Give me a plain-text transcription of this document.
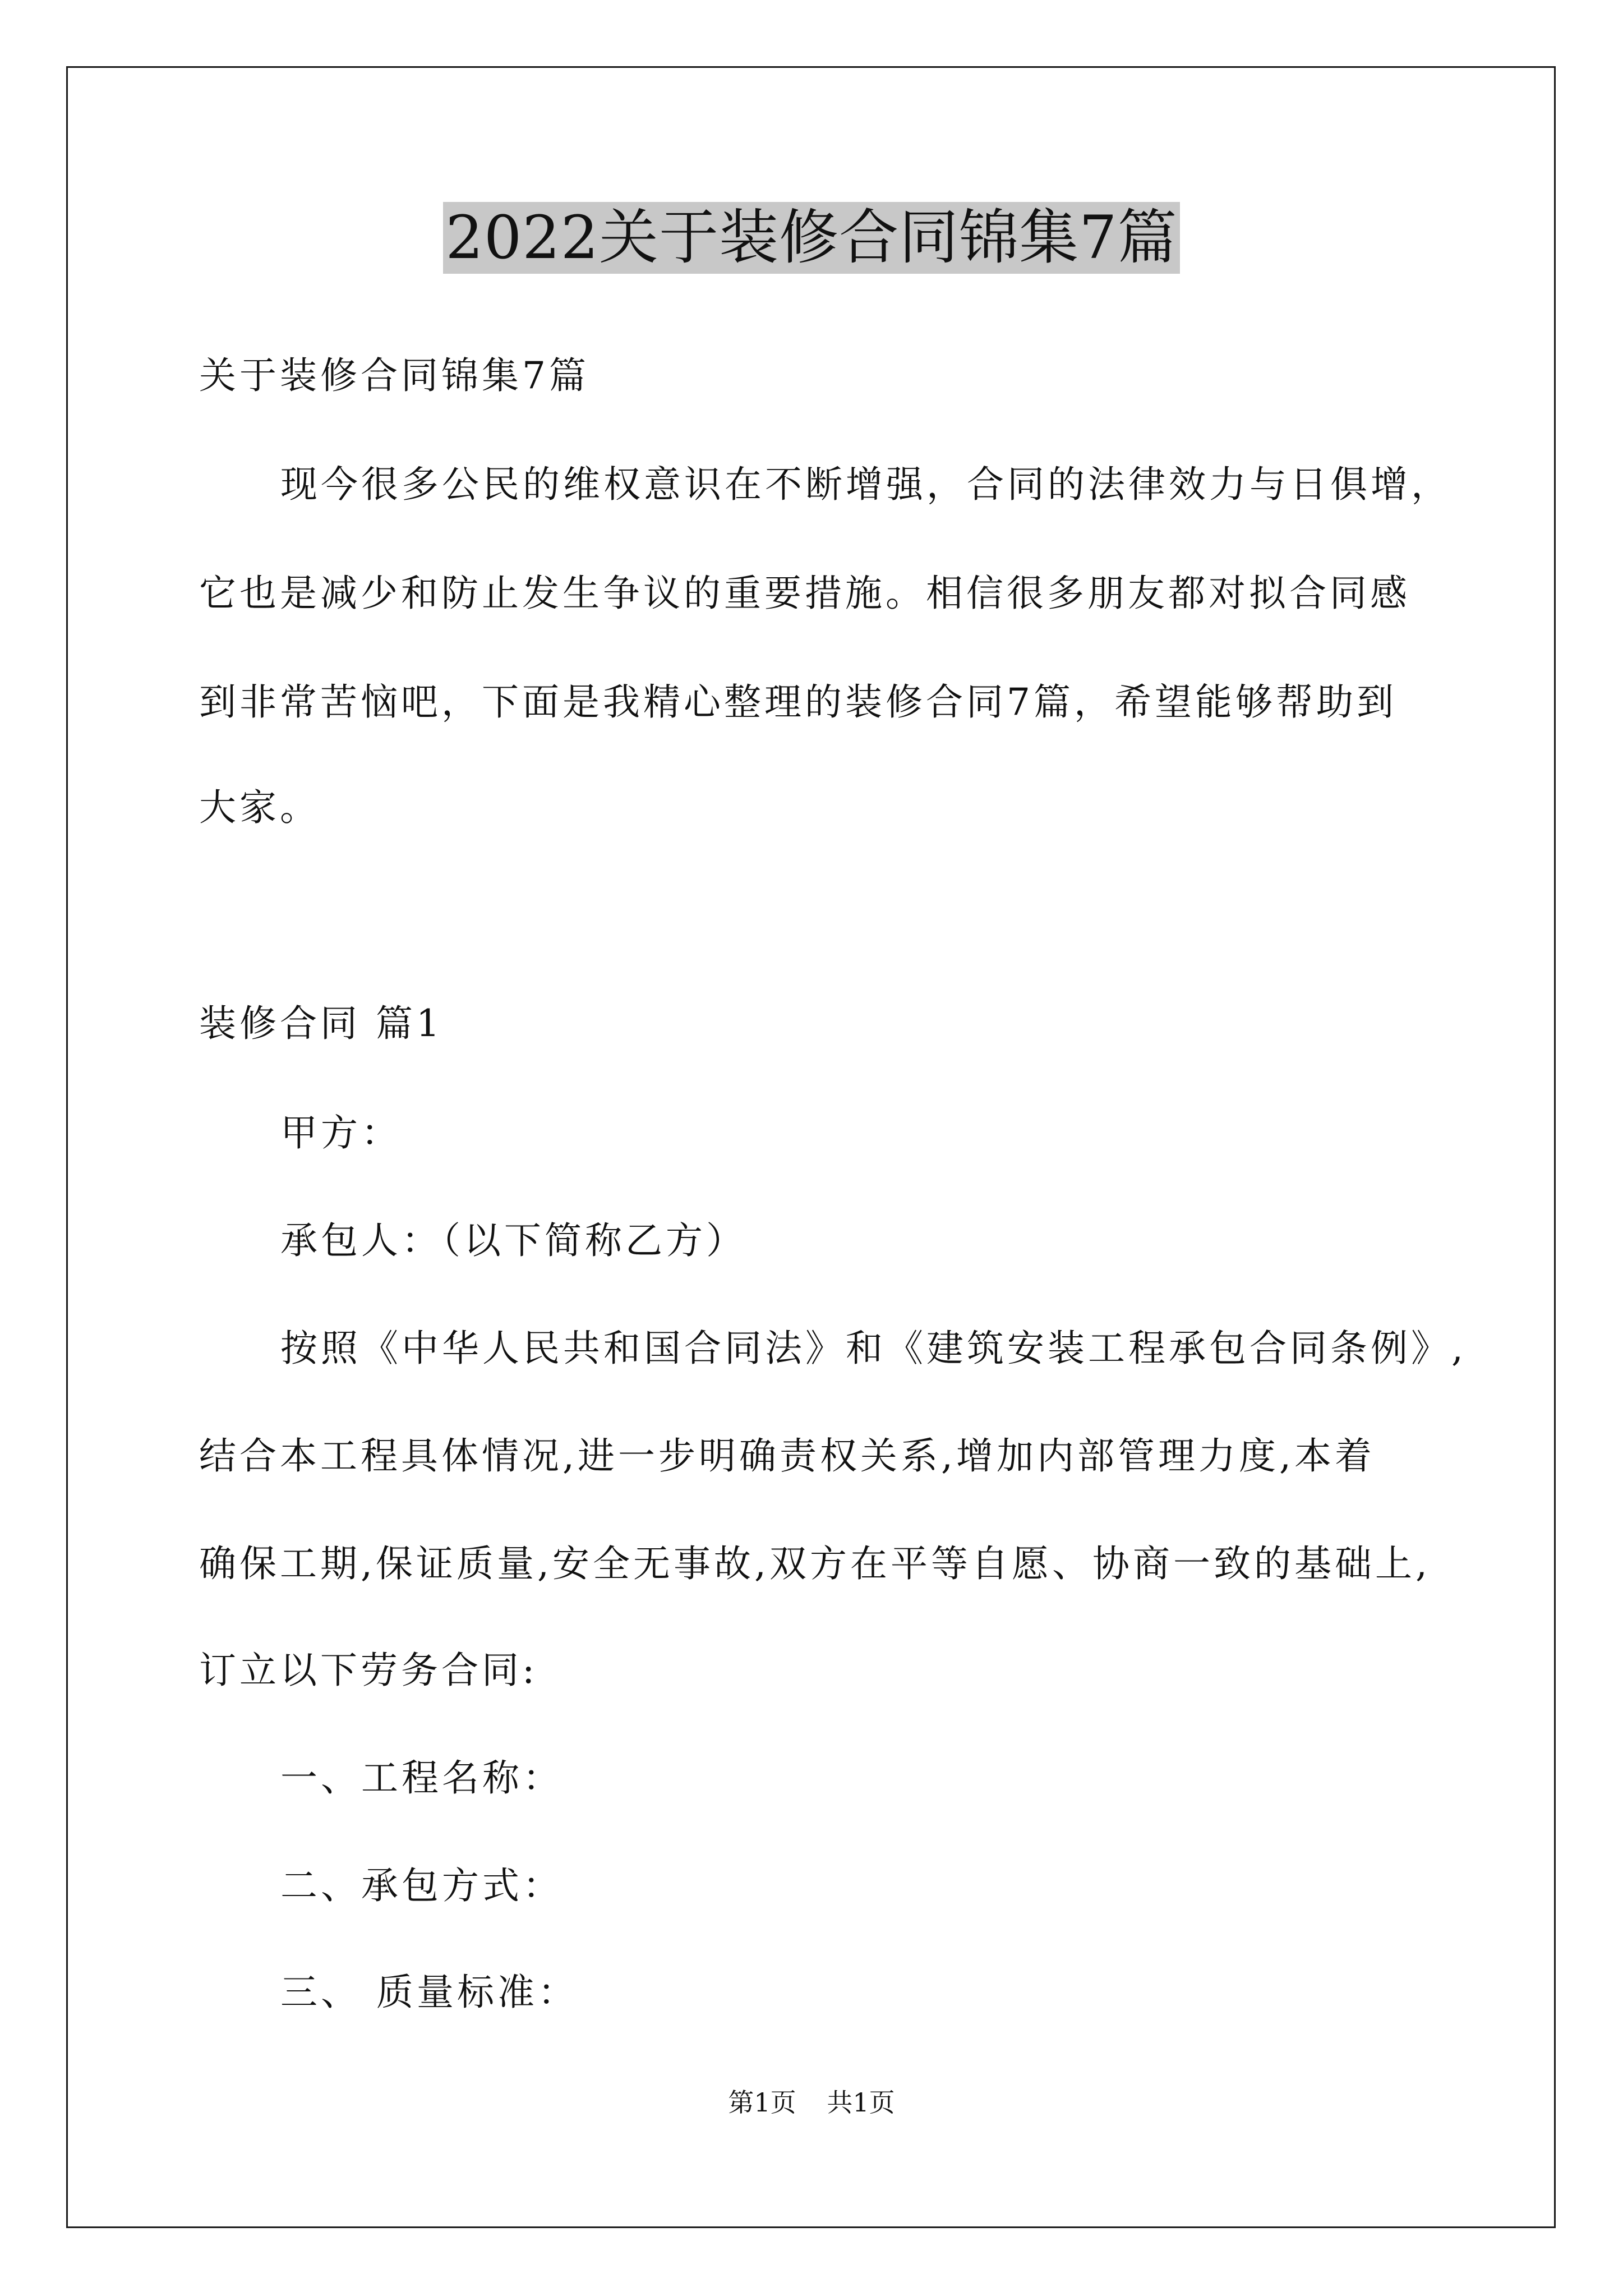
2022关于装修合同锦集7篇
关于装修合同锦集7篇
现今很多公民的维权意识在不断增强，合同的法律效力与日俱增，
它也是减少和防止发生争议的重要措施。相信很多朋友都对拟合同感
到非常苦恼吧，下面是我精心整理的装修合同7篇，希望能够帮助到
大家。
装修合同 篇1
甲方：
承包人：（以下简称乙方）
按照《中华人民共和国合同法》和《建筑安装工程承包合同条例》,
结合本工程具体情况,进一步明确责权关系,增加内部管理力度,本着
确保工期,保证质量,安全无事故,双方在平等自愿、协商一致的基础上,
订立以下劳务合同:
一、工程名称：
二、承包方式：
三、 质量标准：
第1页 共1页
